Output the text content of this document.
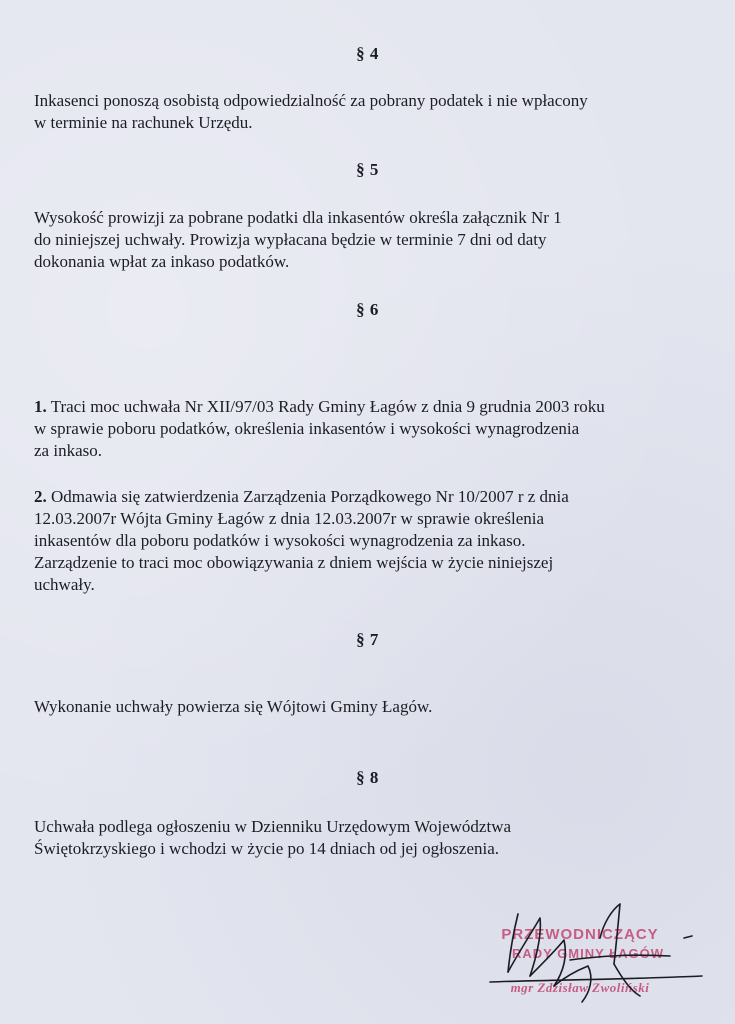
§ 4
Inkasenci ponoszą osobistą odpowiedzialność za pobrany podatek i nie wpłacony
w terminie na rachunek Urzędu.
§ 5
Wysokość prowizji za pobrane podatki dla inkasentów określa załącznik Nr 1
do niniejszej uchwały. Prowizja wypłacana będzie w terminie 7 dni od daty
dokonania wpłat za inkaso podatków.
§ 6
1. Traci moc uchwała Nr XII/97/03 Rady Gminy Łagów z dnia 9 grudnia 2003 roku
w sprawie poboru podatków, określenia inkasentów i wysokości wynagrodzenia
za inkaso.
2. Odmawia się zatwierdzenia Zarządzenia Porządkowego Nr 10/2007 r z dnia
12.03.2007r Wójta Gminy Łagów z dnia 12.03.2007r w sprawie określenia
inkasentów dla poboru podatków i wysokości wynagrodzenia za inkaso.
Zarządzenie to traci moc obowiązywania z dniem wejścia w życie niniejszej
uchwały.
§ 7
Wykonanie uchwały powierza się Wójtowi Gminy Łagów.
§ 8
Uchwała podlega ogłoszeniu w Dzienniku Urzędowym Województwa
Świętokrzyskiego i wchodzi w życie po 14 dniach od jej ogłoszenia.
PRZEWODNICZĄCY
RADY GMINY ŁAGÓW
mgr Zdzisław Zwoliński
